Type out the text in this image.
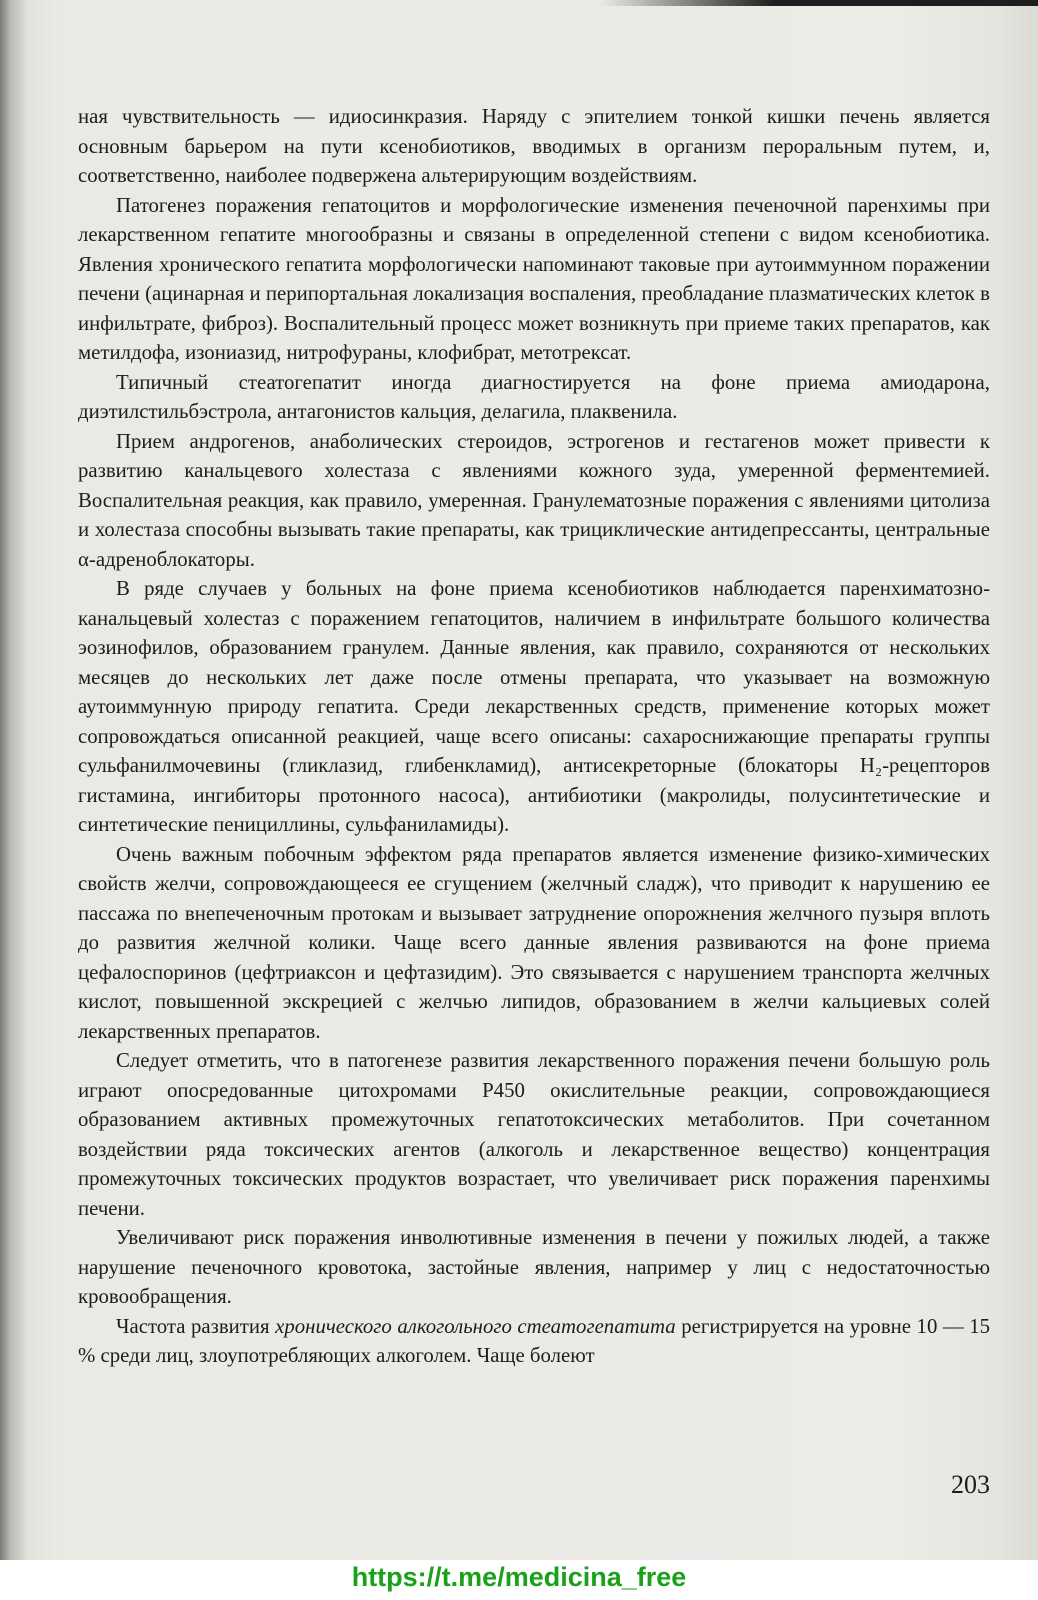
ная чувствительность — идиосинкразия. Наряду с эпителием тонкой кишки печень является основным барьером на пути ксенобиотиков, вводимых в организм пероральным путем, и, соответственно, наиболее подвержена альтерирующим воздействиям.

Патогенез поражения гепатоцитов и морфологические изменения печеночной паренхимы при лекарственном гепатите многообразны и связаны в определенной степени с видом ксенобиотика. Явления хронического гепатита морфологически напоминают таковые при аутоиммунном поражении печени (ацинарная и перипортальная локализация воспаления, преобладание плазматических клеток в инфильтрате, фиброз). Воспалительный процесс может возникнуть при приеме таких препаратов, как метилдофа, изониазид, нитрофураны, клофибрат, метотрексат.

Типичный стеатогепатит иногда диагностируется на фоне приема амиодарона, диэтилстильбэстрола, антагонистов кальция, делагила, плаквенила.

Прием андрогенов, анаболических стероидов, эстрогенов и гестагенов может привести к развитию канальцевого холестаза с явлениями кожного зуда, умеренной ферментемией. Воспалительная реакция, как правило, умеренная. Гранулематозные поражения с явлениями цитолиза и холестаза способны вызывать такие препараты, как трициклические антидепрессанты, центральные α-адреноблокаторы.

В ряде случаев у больных на фоне приема ксенобиотиков наблюдается паренхиматозно-канальцевый холестаз с поражением гепатоцитов, наличием в инфильтрате большого количества эозинофилов, образованием гранулем. Данные явления, как правило, сохраняются от нескольких месяцев до нескольких лет даже после отмены препарата, что указывает на возможную аутоиммунную природу гепатита. Среди лекарственных средств, применение которых может сопровождаться описанной реакцией, чаще всего описаны: сахароснижающие препараты группы сульфанилмочевины (гликлазид, глибенкламид), антисекреторные (блокаторы H₂-рецепторов гистамина, ингибиторы протонного насоса), антибиотики (макролиды, полусинтетические и синтетические пенициллины, сульфаниламиды).

Очень важным побочным эффектом ряда препаратов является изменение физико-химических свойств желчи, сопровождающееся ее сгущением (желчный сладж), что приводит к нарушению ее пассажа по внепеченочным протокам и вызывает затруднение опорожнения желчного пузыря вплоть до развития желчной колики. Чаще всего данные явления развиваются на фоне приема цефалоспоринов (цефтриаксон и цефтазидим). Это связывается с нарушением транспорта желчных кислот, повышенной экскрецией с желчью липидов, образованием в желчи кальциевых солей лекарственных препаратов.

Следует отметить, что в патогенезе развития лекарственного поражения печени большую роль играют опосредованные цитохромами P450 окислительные реакции, сопровождающиеся образованием активных промежуточных гепатотоксических метаболитов. При сочетанном воздействии ряда токсических агентов (алкоголь и лекарственное вещество) концентрация промежуточных токсических продуктов возрастает, что увеличивает риск поражения паренхимы печени.

Увеличивают риск поражения инволютивные изменения в печени у пожилых людей, а также нарушение печеночного кровотока, застойные явления, например у лиц с недостаточностью кровообращения.

Частота развития хронического алкогольного стеатогепатита регистрируется на уровне 10 — 15 % среди лиц, злоупотребляющих алкоголем. Чаще болеют

203
https://t.me/medicina_free
